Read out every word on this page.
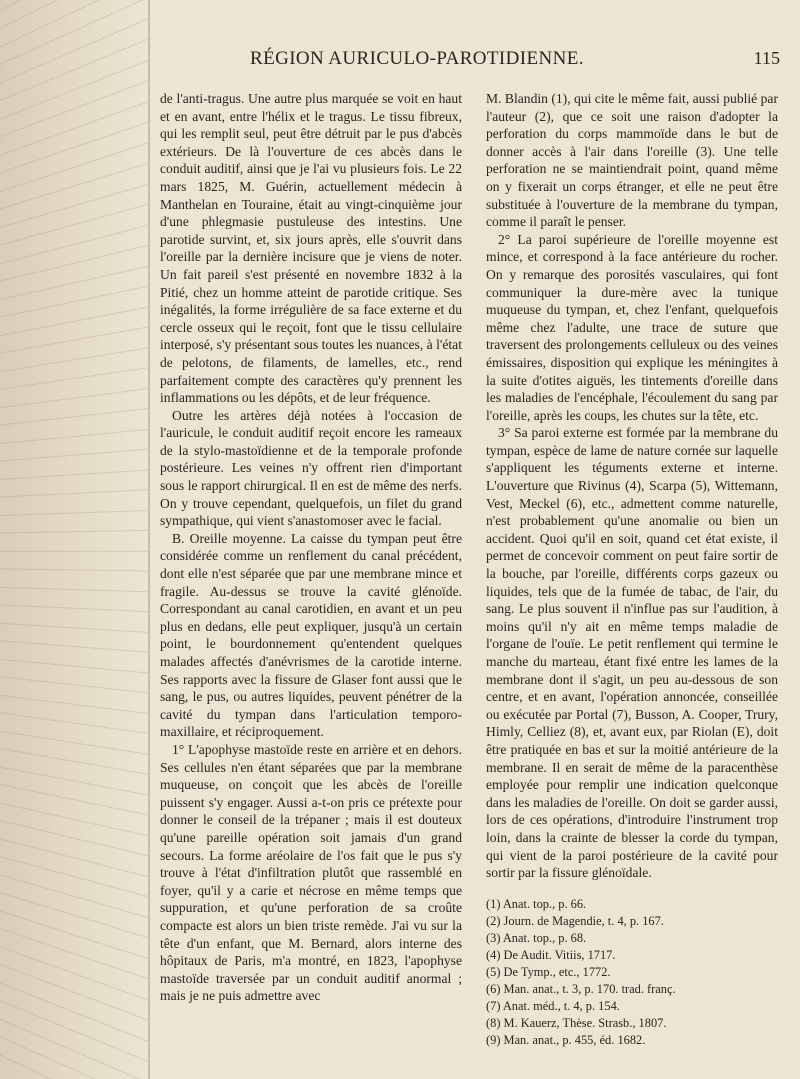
RÉGION AURICULO-PAROTIDIENNE.	115

de l'anti-tragus. Une autre plus marquée se voit en haut et en avant, entre l'hélix et le tragus. Le tissu fibreux, qui les remplit seul, peut être détruit par le pus d'abcès extérieurs. De là l'ouverture de ces abcès dans le conduit auditif, ainsi que je l'ai vu plusieurs fois. Le 22 mars 1825, M. Guérin, actuellement médecin à Manthelan en Touraine, était au vingt-cinquième jour d'une phlegmasie pustuleuse des intestins. Une parotide survint, et, six jours après, elle s'ouvrit dans l'oreille par la dernière incisure que je viens de noter. Un fait pareil s'est présenté en novembre 1832 à la Pitié, chez un homme atteint de parotide critique. Ses inégalités, la forme irrégulière de sa face externe et du cercle osseux qui le reçoit, font que le tissu cellulaire interposé, s'y présentant sous toutes les nuances, à l'état de pelotons, de filaments, de lamelles, etc., rend parfaitement compte des caractères qu'y prennent les inflammations ou les dépôts, et de leur fréquence.

Outre les artères déjà notées à l'occasion de l'auricule, le conduit auditif reçoit encore les rameaux de la stylo-mastoïdienne et de la temporale profonde postérieure. Les veines n'y offrent rien d'important sous le rapport chirurgical. Il en est de même des nerfs. On y trouve cependant, quelquefois, un filet du grand sympathique, qui vient s'anastomoser avec le facial.

B. Oreille moyenne. La caisse du tympan peut être considérée comme un renflement du canal précédent, dont elle n'est séparée que par une membrane mince et fragile. Au-dessus se trouve la cavité glénoïde. Correspondant au canal carotidien, en avant et un peu plus en dedans, elle peut expliquer, jusqu'à un certain point, le bourdonnement qu'entendent quelques malades affectés d'anévrismes de la carotide interne. Ses rapports avec la fissure de Glaser font aussi que le sang, le pus, ou autres liquides, peuvent pénétrer de la cavité du tympan dans l'articulation temporo-maxillaire, et réciproquement.

1° L'apophyse mastoïde reste en arrière et en dehors. Ses cellules n'en étant séparées que par la membrane muqueuse, on conçoit que les abcès de l'oreille puissent s'y engager. Aussi a-t-on pris ce prétexte pour donner le conseil de la trépaner ; mais il est douteux qu'une pareille opération soit jamais d'un grand secours. La forme aréolaire de l'os fait que le pus s'y trouve à l'état d'infiltration plutôt que rassemblé en foyer, qu'il y a carie et nécrose en même temps que suppuration, et qu'une perforation de sa croûte compacte est alors un bien triste remède. J'ai vu sur la tête d'un enfant, que M. Bernard, alors interne des hôpitaux de Paris, m'a montré, en 1823, l'apophyse mastoïde traversée par un conduit auditif anormal ; mais je ne puis admettre avec

M. Blandin (1), qui cite le même fait, aussi publié par l'auteur (2), que ce soit une raison d'adopter la perforation du corps mammoïde dans le but de donner accès à l'air dans l'oreille (3). Une telle perforation ne se maintiendrait point, quand même on y fixerait un corps étranger, et elle ne peut être substituée à l'ouverture de la membrane du tympan, comme il paraît le penser.

2° La paroi supérieure de l'oreille moyenne est mince, et correspond à la face antérieure du rocher. On y remarque des porosités vasculaires, qui font communiquer la dure-mère avec la tunique muqueuse du tympan, et, chez l'enfant, quelquefois même chez l'adulte, une trace de suture que traversent des prolongements celluleux ou des veines émissaires, disposition qui explique les méningites à la suite d'otites aiguës, les tintements d'oreille dans les maladies de l'encéphale, l'écoulement du sang par l'oreille, après les coups, les chutes sur la tête, etc.

3° Sa paroi externe est formée par la membrane du tympan, espèce de lame de nature cornée sur laquelle s'appliquent les téguments externe et interne. L'ouverture que Rivinus (4), Scarpa (5), Wittemann, Vest, Meckel (6), etc., admettent comme naturelle, n'est probablement qu'une anomalie ou bien un accident. Quoi qu'il en soit, quand cet état existe, il permet de concevoir comment on peut faire sortir de la bouche, par l'oreille, différents corps gazeux ou liquides, tels que de la fumée de tabac, de l'air, du sang. Le plus souvent il n'influe pas sur l'audition, à moins qu'il n'y ait en même temps maladie de l'organe de l'ouïe. Le petit renflement qui termine le manche du marteau, étant fixé entre les lames de la membrane dont il s'agit, un peu au-dessous de son centre, et en avant, l'opération annoncée, conseillée ou exécutée par Portal (7), Busson, A. Cooper, Trury, Himly, Celliez (8), et, avant eux, par Riolan (E), doit être pratiquée en bas et sur la moitié antérieure de la membrane. Il en serait de même de la paracenthèse employée pour remplir une indication quelconque dans les maladies de l'oreille. On doit se garder aussi, lors de ces opérations, d'introduire l'instrument trop loin, dans la crainte de blesser la corde du tympan, qui vient de la paroi postérieure de la cavité pour sortir par la fissure glénoïdale.

(1) Anat. top., p. 66.
(2) Journ. de Magendie, t. 4, p. 167.
(3) Anat. top., p. 68.
(4) De Audit. Vitiis, 1717.
(5) De Tymp., etc., 1772.
(6) Man. anat., t. 3, p. 170. trad. franç.
(7) Anat. méd., t. 4, p. 154.
(8) M. Kauerz, Thèse. Strasb., 1807.
(9) Man. anat., p. 455, éd. 1682.
